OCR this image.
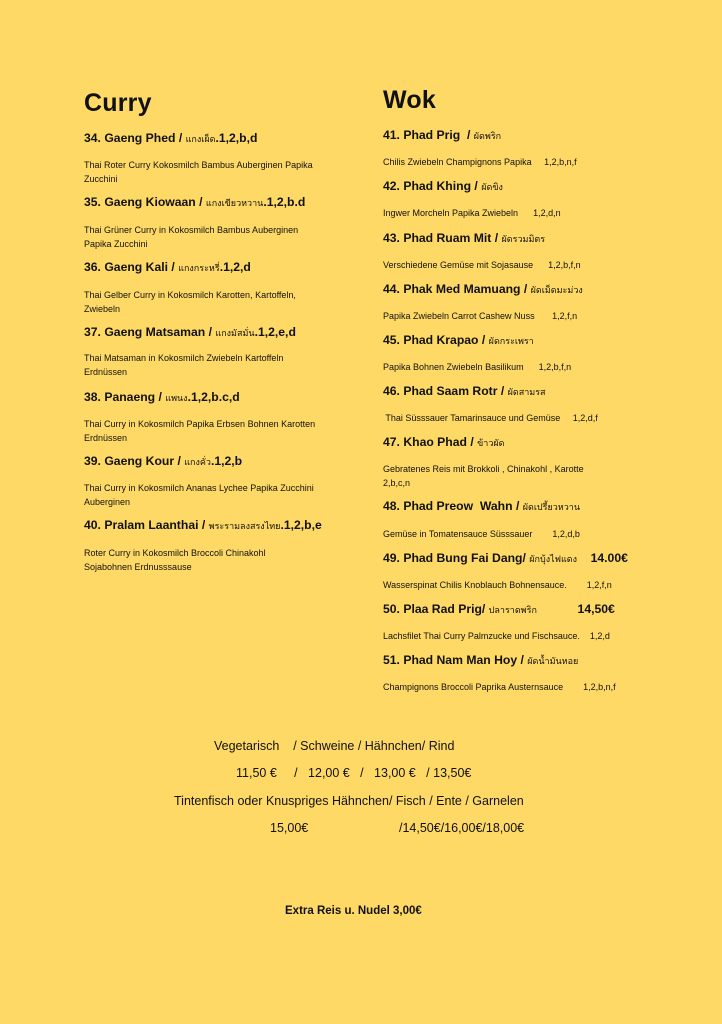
Curry	Wok
34. Gaeng Phed / แกงเผ็ด.1,2,b,d
Thai Roter Curry Kokosmilch Bambus Auberginen Papika
Zucchini
35. Gaeng Kiowaan / แกงเขียวหวาน.1,2,b.d
Thai Grüner Curry in Kokosmilch Bambus Auberginen
Papika Zucchini
36. Gaeng Kali / แกงกระหรี่.1,2,d
Thai Gelber Curry in Kokosmilch Karotten, Kartoffeln,
Zwiebeln
37. Gaeng Matsaman / แกงมัสมั่น.1,2,e,d
Thai Matsaman in Kokosmilch Zwiebeln Kartoffeln
Erdnüssen
38. Panaeng / แพนง.1,2,b.c,d
Thai Curry in Kokosmilch Papika Erbsen Bohnen Karotten
Erdnüssen
39. Gaeng Kour / แกงคั่ว.1,2,b
Thai Curry in Kokosmilch Ananas Lychee Papika Zucchini
Auberginen
40. Pralam Laanthai / พระรามลงสรงไทย.1,2,b,e
Roter Curry in Kokosmilch Broccoli Chinakohl
Sojabohnen Erdnusssause
41. Phad Prig  / ผัดพริก
Chilis Zwiebeln Champignons Papika     1,2,b,n,f
42. Phad Khing / ผัดขิง
Ingwer Morcheln Papika Zwiebeln      1,2,d,n
43. Phad Ruam Mit / ผัดรวมมิตร
Verschiedene Gemüse mit Sojasause      1,2,b,f,n
44. Phak Med Mamuang / ผัดเม็ดมะม่วง
Papika Zwiebeln Carrot Cashew Nuss       1,2,f,n
45. Phad Krapao / ผัดกระเพรา
Papika Bohnen Zwiebeln Basilikum      1,2,b,f,n
46. Phad Saam Rotr / ผัดสามรส
Thai Süsssauer Tamarinsauce und Gemüse     1,2,d,f
47. Khao Phad / ข้าวผัด
Gebratenes Reis mit Brokkoli , Chinakohl , Karotte
2,b,c,n
48. Phad Preow  Wahn / ผัดเปรี้ยวหวาน
Gemüse in Tomatensauce Süsssauer        1,2,d,b
49. Phad Bung Fai Dang/ ผักบุ้งไฟแดง    14.00€
Wasserspinat Chilis Knoblauch Bohnensauce.        1,2,f,n
50. Plaa Rad Prig/ ปลาราดพริก            14,50€
Lachsfilet Thai Curry Palmzucke und Fischsauce.    1,2,d
51. Phad Nam Man Hoy / ผัดน้ำมันหอย
Champignons Broccoli Paprika Austernsauce        1,2,b,n,f
Vegetarisch    / Schweine / Hähnchen/ Rind
11,50 €     /   12,00 €   /   13,00 €   / 13,50€
Tintenfisch oder Knuspriges Hähnchen/ Fisch / Ente / Garnelen
15,00€	/14,50€/16,00€/18,00€
Extra Reis u. Nudel 3,00€
